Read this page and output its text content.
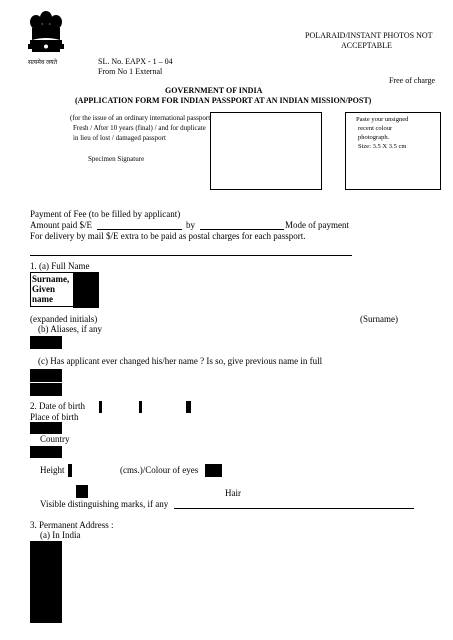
सत्यमेव जयते
POLARAID/INSTANT PHOTOS NOT
ACCEPTABLE
SL. No. EAPX - 1 – 04
From No 1 External
Free of charge
GOVERNMENT OF INDIA
(APPLICATION FORM FOR INDIAN PASSPORT AT AN INDIAN MISSION/POST)
(for the issue of an ordinary international passport
Fresh / After 10 years (final) / and for duplicate
in lieu of lost / damaged passport
Specimen Signature
Paste your unsigned
recent colour
photograph.
Size: 3.5 X 3.5 cm
Payment of Fee (to be filled by applicant)
Amount paid $/E	by	Mode of payment
For delivery by mail $/E extra to be paid as postal charges for each passport.
1. (a) Full Name
Surname,
Given
name

(expanded initials)	(Surname)
(b) Aliases, if any

(c) Has applicant ever changed his/her name ? Is so, give previous name in full

2. Date of birth

Place of birth

Country

Height
			(cms.)/Colour of eyes

Hair
Visible distinguishing marks, if any
3. Permanent Address :
(a) In India
